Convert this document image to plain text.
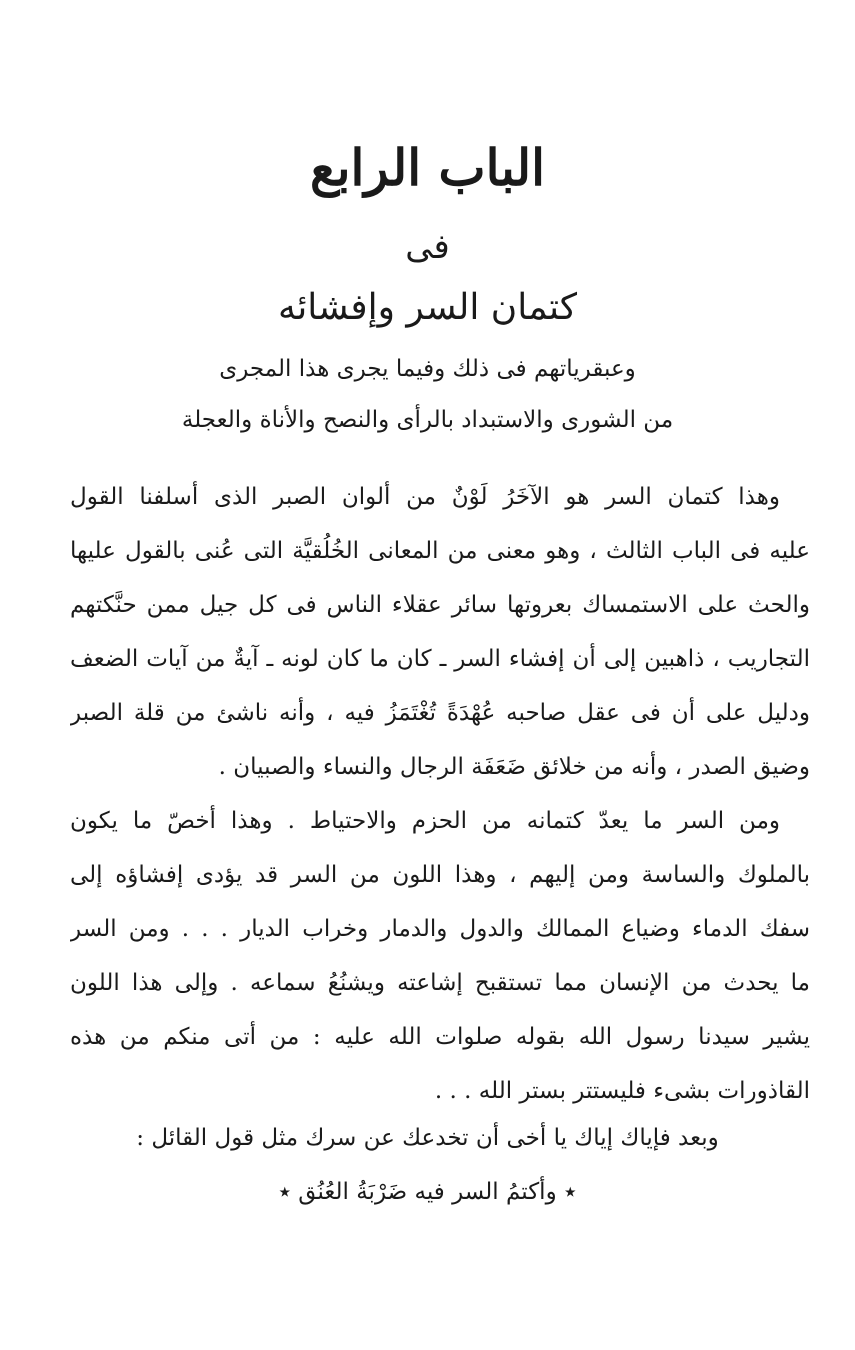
الباب الرابع
فى
كتمان السر وإفشائه
وعبقرياتهم فى ذلك وفيما يجرى هذا المجرى
من الشورى والاستبداد بالرأى والنصح والأناة والعجلة
وهذا كتمان السر هو الآخَرُ لَوْنٌ من ألوان الصبر الذى أسلفنا القول
عليه فى الباب الثالث ، وهو معنى من المعانى الخُلُقيَّة التى عُنى بالقول عليها
والحث على الاستمساك بعروتها سائر عقلاء الناس فى كل جيل ممن حنَّكتهم
التجاريب ، ذاهبين إلى أن إفشاء السر ـ كان ما كان لونه ـ آيةٌ من آيات الضعف
ودليل على أن فى عقل صاحبه عُهْدَةً تُغْتَمَزُ فيه ، وأنه ناشئ من قلة الصبر
وضيق الصدر ، وأنه من خلائق ضَعَفَة الرجال والنساء والصبيان .
ومن السر ما يعدّ كتمانه من الحزم والاحتياط . وهذا أخصّ ما يكون
بالملوك والساسة ومن إليهم ، وهذا اللون من السر قد يؤدى إفشاؤه إلى
سفك الدماء وضياع الممالك والدول والدمار وخراب الديار . . . ومن السر
ما يحدث من الإنسان مما تستقبح إشاعته ويشنُعُ سماعه . وإلى هذا اللون
يشير سيدنا رسول الله بقوله صلوات الله عليه : من أتى منكم من هذه
القاذورات بشىء فليستتر بستر الله . . .
وبعد فإياك إياك يا أخى أن تخدعك عن سرك مثل قول القائل :
٭ وأكتمُ السر فيه ضَرْبَةُ العُنُق ٭
